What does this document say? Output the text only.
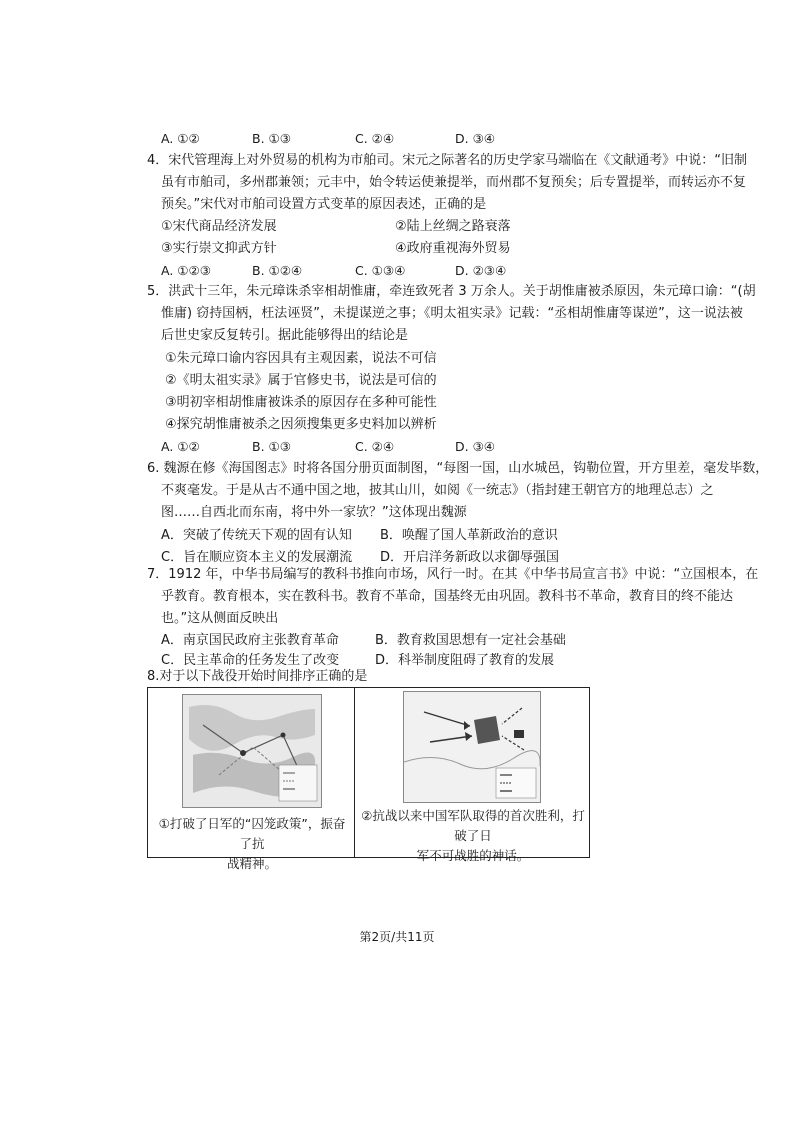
A. ①②	B. ①③	C. ②④	D. ③④
4．宋代管理海上对外贸易的机构为市舶司。宋元之际著名的历史学家马端临在《文献通考》中说：“旧制
虽有市舶司，多州郡兼领；元丰中，始令转运使兼提举，而州郡不复预矣；后专置提举，而转运亦不复
预矣。”宋代对市舶司设置方式变革的原因表述，正确的是
①宋代商品经济发展	②陆上丝绸之路衰落
③实行崇文抑武方针	④政府重视海外贸易
A. ①②③	B. ①②④	C. ①③④	D. ②③④
5．洪武十三年，朱元璋诛杀宰相胡惟庸，牵连致死者 3 万余人。关于胡惟庸被杀原因，朱元璋口谕：“(胡
惟庸) 窃持国柄，枉法诬贤”，未提谋逆之事；《明太祖实录》记载：“丞相胡惟庸等谋逆”，这一说法被
后世史家反复转引。据此能够得出的结论是
①朱元璋口谕内容因具有主观因素，说法不可信
②《明太祖实录》属于官修史书，说法是可信的
③明初宰相胡惟庸被诛杀的原因存在多种可能性
④探究胡惟庸被杀之因须搜集更多史料加以辨析
A. ①②	B. ①③	C. ②④	D. ③④
6. 魏源在修《海国图志》时将各国分册页面制图，“每图一国，山水城邑，钩勒位置，开方里差，毫发毕数，
不爽毫发。于是从古不通中国之地，披其山川，如阅《一统志》（指封建王朝官方的地理总志）之
图……自西北而东南，将中外一家欤？”这体现出魏源
A．突破了传统天下观的固有认知 B．唤醒了国人革新政治的意识
C．旨在顺应资本主义的发展潮流 D．开启洋务新政以求御辱强国
7．1912 年，中华书局编写的教科书推向市场，风行一时。在其《中华书局宣言书》中说：“立国根本，在
乎教育。教育根本，实在教科书。教育不革命，国基终无由巩固。教科书不革命，教育目的终不能达
也。”这从侧面反映出
A．南京国民政府主张教育革命	B．教育救国思想有一定社会基础
C．民主革命的任务发生了改变	D．科举制度阻碍了教育的发展
8.对于以下战役开始时间排序正确的是
①打破了日军的“囚笼政策”，振奋了抗
战精神。
②抗战以来中国军队取得的首次胜利，打破了日
军不可战胜的神话。
第2页/共11页
